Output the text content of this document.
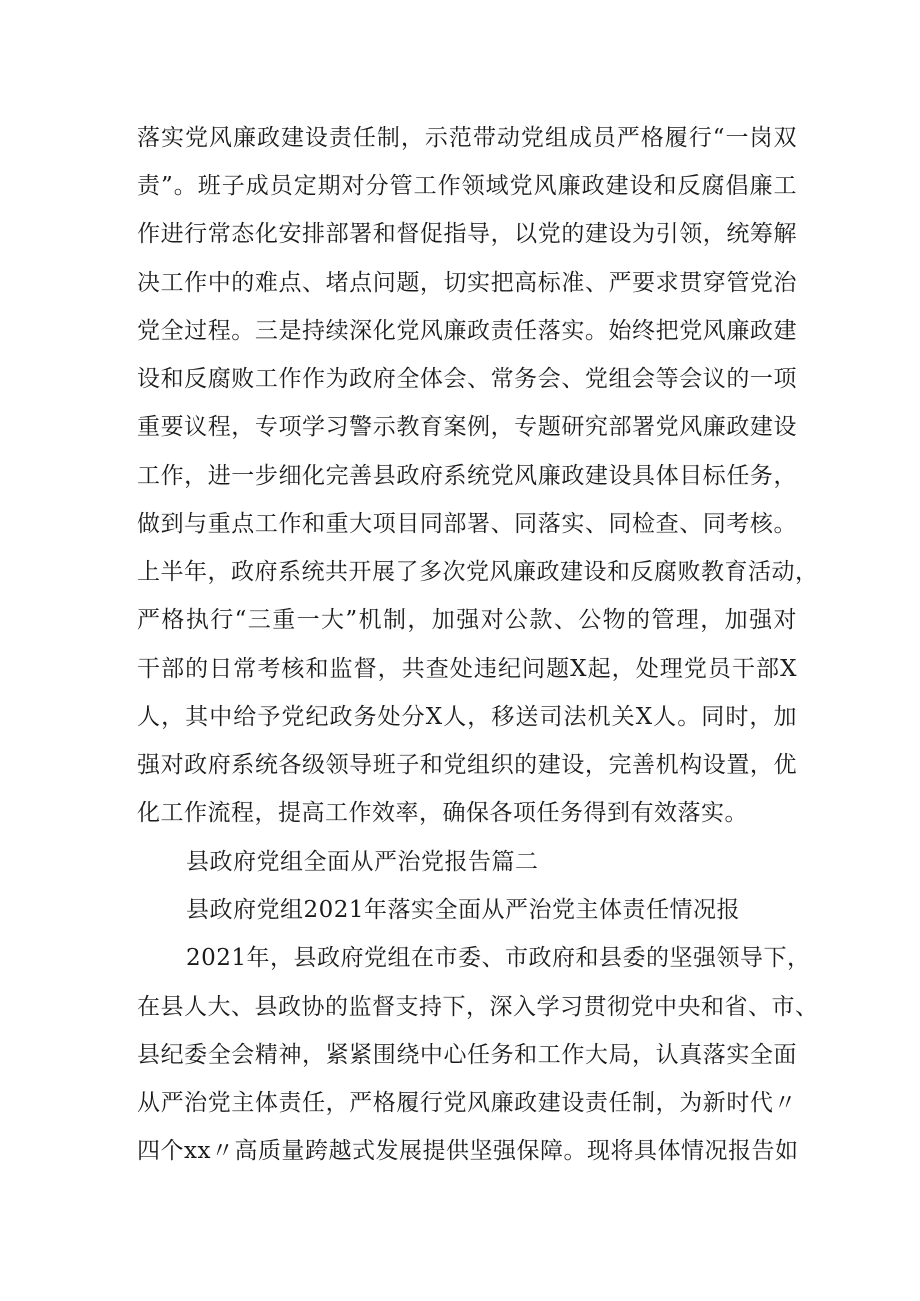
落实党风廉政建设责任制，示范带动党组成员严格履行“一岗双
责”。班子成员定期对分管工作领域党风廉政建设和反腐倡廉工
作进行常态化安排部署和督促指导，以党的建设为引领，统筹解
决工作中的难点、堵点问题，切实把高标准、严要求贯穿管党治
党全过程。三是持续深化党风廉政责任落实。始终把党风廉政建
设和反腐败工作作为政府全体会、常务会、党组会等会议的一项
重要议程，专项学习警示教育案例，专题研究部署党风廉政建设
工作，进一步细化完善县政府系统党风廉政建设具体目标任务，
做到与重点工作和重大项目同部署、同落实、同检查、同考核。
上半年，政府系统共开展了多次党风廉政建设和反腐败教育活动，
严格执行“三重一大”机制，加强对公款、公物的管理，加强对
干部的日常考核和监督，共查处违纪问题X起，处理党员干部X
人，其中给予党纪政务处分X人，移送司法机关X人。同时，加
强对政府系统各级领导班子和党组织的建设，完善机构设置，优
化工作流程，提高工作效率，确保各项任务得到有效落实。
县政府党组全面从严治党报告篇二
县政府党组2021年落实全面从严治党主体责任情况报
2021年，县政府党组在市委、市政府和县委的坚强领导下，
在县人大、县政协的监督支持下，深入学习贯彻党中央和省、市、
县纪委全会精神，紧紧围绕中心任务和工作大局，认真落实全面
从严治党主体责任，严格履行党风廉政建设责任制，为新时代〃
四个xx〃高质量跨越式发展提供坚强保障。现将具体情况报告如
